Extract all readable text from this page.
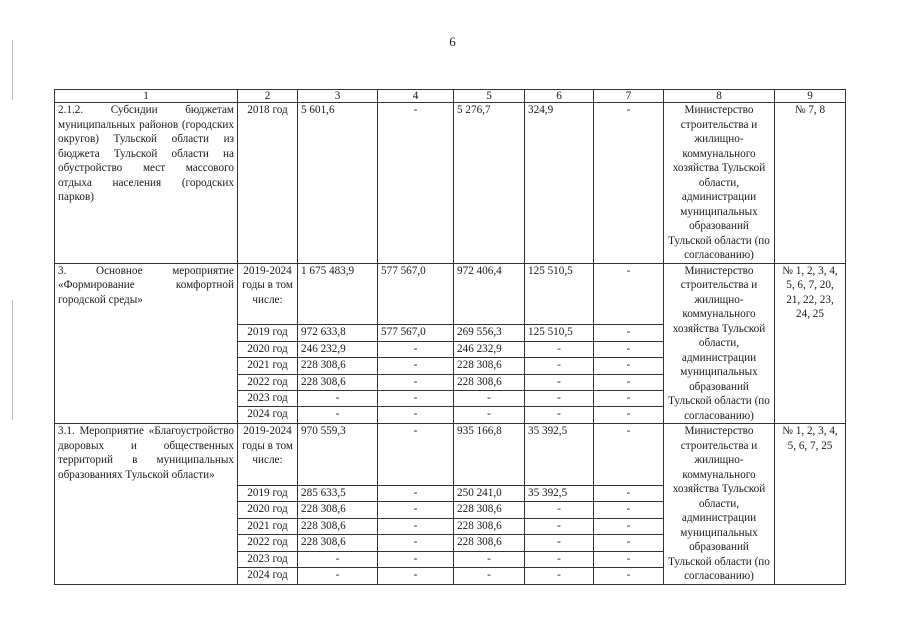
6
1	2	3	4	5	6	7	8	9
2.1.2. Субсидии бюджетам муниципальных районов (городских округов) Тульской области из бюджета Тульской области на обустройство мест массового отдыха населения (городских парков)	2018 год	5 601,6	-	5 276,7	324,9	-	Министерство строительства и жилищно-коммунального хозяйства Тульской области, администрации муниципальных образований Тульской области (по согласованию)	№ 7, 8
3. Основное мероприятие «Формирование комфортной городской среды»	2019-2024 годы в том числе:	1 675 483,9	577 567,0	972 406,4	125 510,5	-	Министерство строительства и жилищно-коммунального хозяйства Тульской области, администрации муниципальных образований Тульской области (по согласованию)	№ 1, 2, 3, 4, 5, 6, 7, 20, 21, 22, 23, 24, 25
	2019 год	972 633,8	577 567,0	269 556,3	125 510,5	-		
	2020 год	246 232,9	-	246 232,9	-	-		
	2021 год	228 308,6	-	228 308,6	-	-		
	2022 год	228 308,6	-	228 308,6	-	-		
	2023 год	-	-	-	-	-		
	2024 год	-	-	-	-	-		
3.1. Мероприятие «Благоустройство дворовых и общественных территорий в муниципальных образованиях Тульской области»	2019-2024 годы в том числе:	970 559,3	-	935 166,8	35 392,5	-	Министерство строительства и жилищно-коммунального хозяйства Тульской области, администрации муниципальных образований Тульской области (по согласованию)	№ 1, 2, 3, 4, 5, 6, 7, 25
	2019 год	285 633,5	-	250 241,0	35 392,5	-		
	2020 год	228 308,6	-	228 308,6	-	-		
	2021 год	228 308,6	-	228 308,6	-	-		
	2022 год	228 308,6	-	228 308,6	-	-		
	2023 год	-	-	-	-	-		
	2024 год	-	-	-	-	-		
